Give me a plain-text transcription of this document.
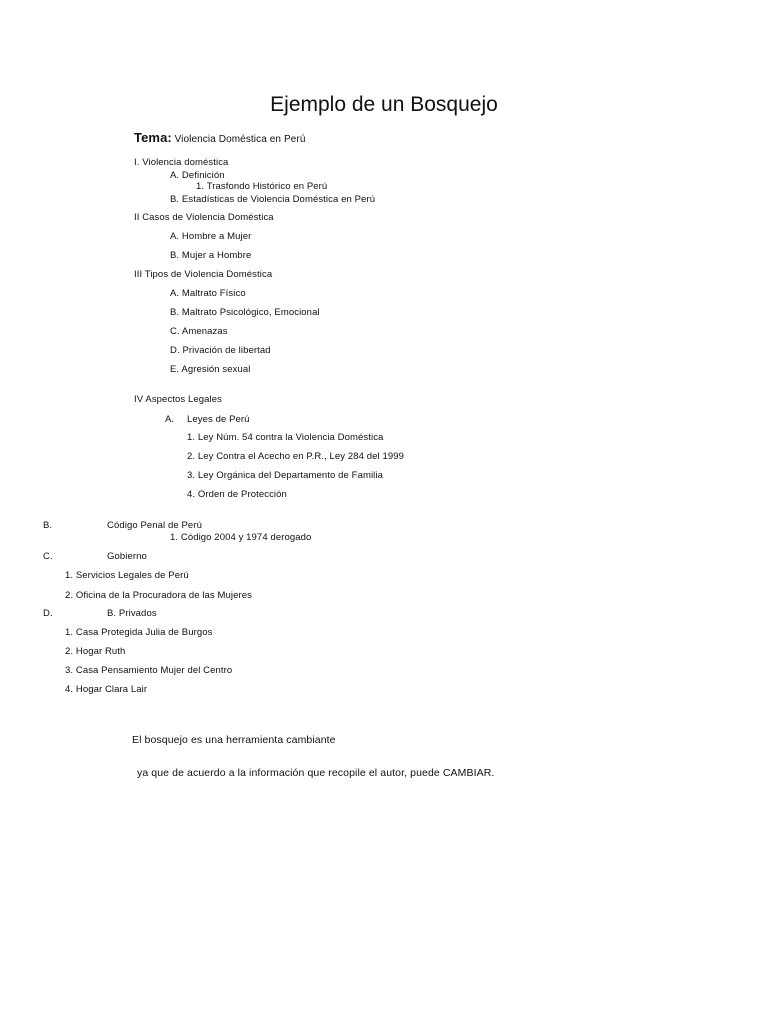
Ejemplo de un Bosquejo
Tema: Violencia Doméstica en Perú
I. Violencia doméstica
A. Definición
1. Trasfondo Histórico en Perú
B. Estadísticas de Violencia Doméstica en Perú
II Casos de Violencia Doméstica
A. Hombre a Mujer
B. Mujer a Hombre
III Tipos de Violencia Doméstica
A. Maltrato Físico
B. Maltrato Psicológico, Emocional
C. Amenazas
D. Privación de libertad
E. Agresión sexual
IV Aspectos Legales
A. Leyes de Perú
1. Ley Núm. 54 contra la Violencia Doméstica
2. Ley Contra el Acecho en P.R., Ley 284 del 1999
3. Ley Orgánica del Departamento de Familia
4. Orden de Protección
B.	Código Penal de Perú
1. Código 2004 y 1974 derogado
C.	Gobierno
1. Servicios Legales de Perú
2. Oficina de la Procuradora de las Mujeres
D.	B. Privados
1. Casa Protegida Julia de Burgos
2. Hogar Ruth
3. Casa Pensamiento Mujer del Centro
4. Hogar Clara Lair
El bosquejo es una herramienta cambiante
ya que de acuerdo a la información que recopile el autor, puede CAMBIAR.
